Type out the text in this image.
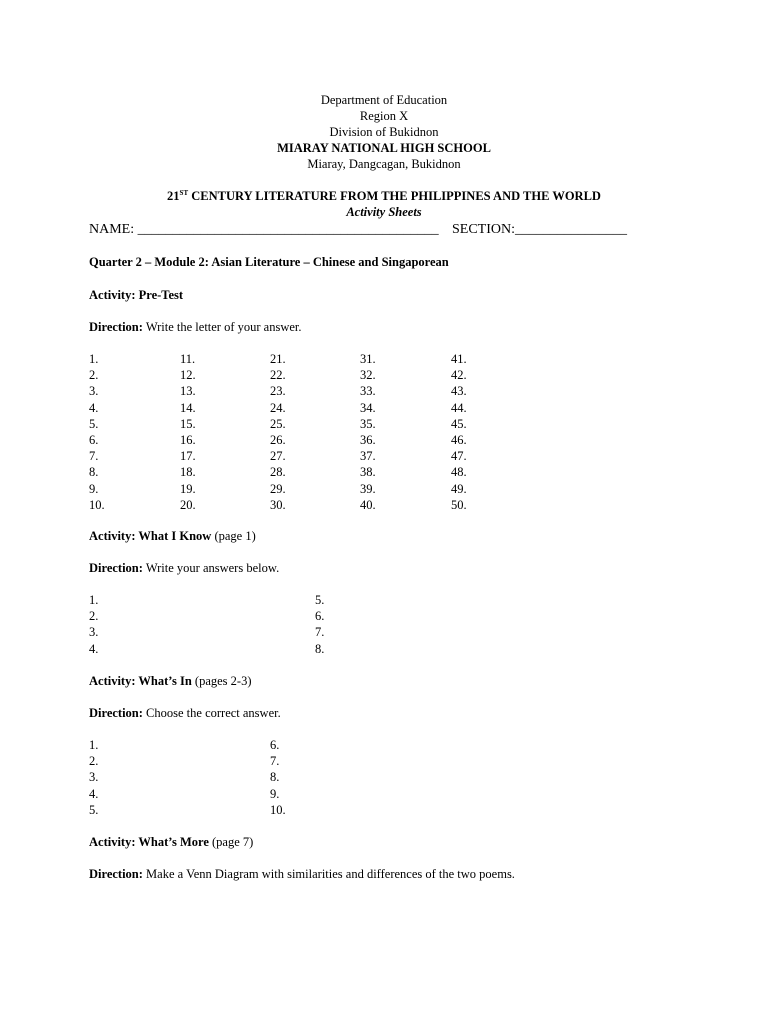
Department of Education
Region X
Division of Bukidnon
MIARAY NATIONAL HIGH SCHOOL
Miaray, Dangcagan, Bukidnon
21ST CENTURY LITERATURE FROM THE PHILIPPINES AND THE WORLD
Activity Sheets
NAME: ___________________________________________ SECTION:________________
Quarter 2 – Module 2: Asian Literature – Chinese and Singaporean
Activity: Pre-Test
Direction: Write the letter of your answer.
1.
2.
3.
4.
5.
6.
7.
8.
9.
10.
11.
12.
13.
14.
15.
16.
17.
18.
19.
20.
21.
22.
23.
24.
25.
26.
27.
28.
29.
30.
31.
32.
33.
34.
35.
36.
37.
38.
39.
40.
41.
42.
43.
44.
45.
46.
47.
48.
49.
50.
Activity: What I Know (page 1)
Direction: Write your answers below.
1.
2.
3.
4.
5.
6.
7.
8.
Activity: What’s In (pages 2-3)
Direction: Choose the correct answer.
1.
2.
3.
4.
5.
6.
7.
8.
9.
10.
Activity: What’s More (page 7)
Direction: Make a Venn Diagram with similarities and differences of the two poems.
